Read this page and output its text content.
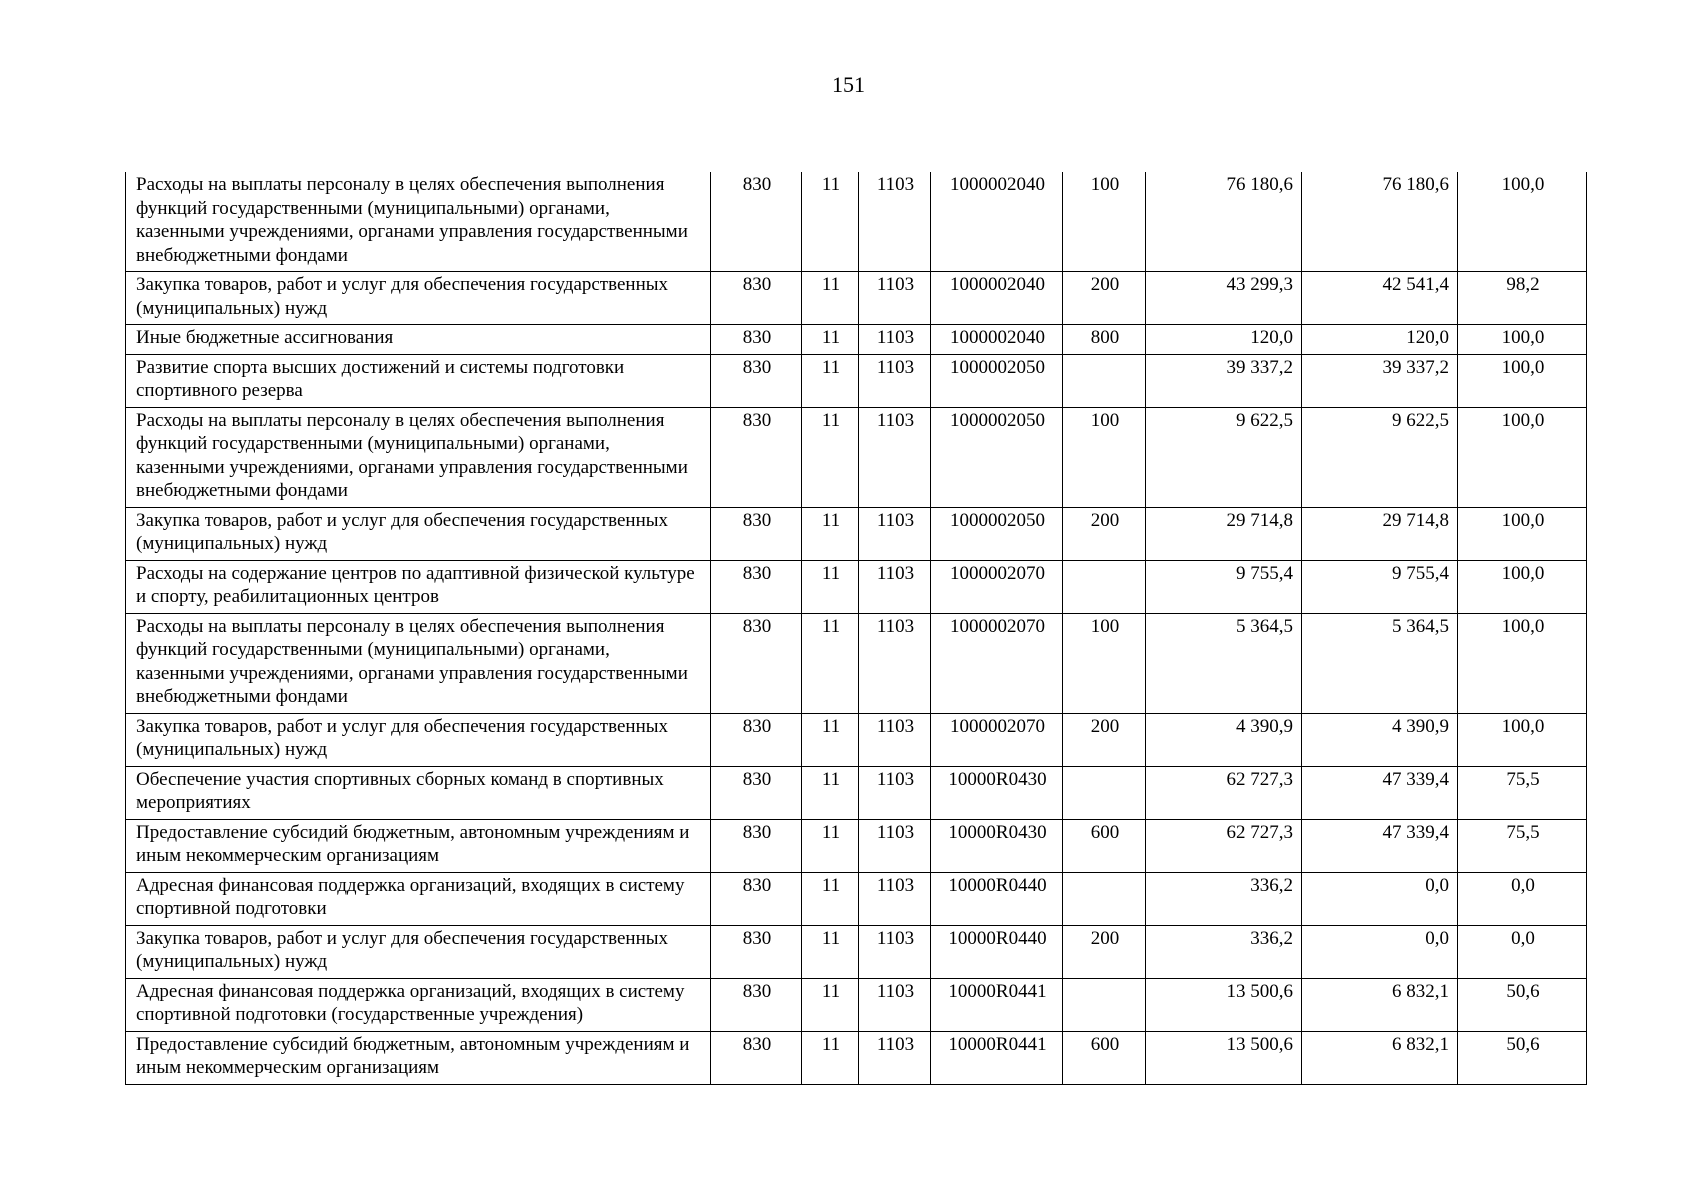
151
Расходы на выплаты персоналу в целях обеспечения выполнения функций государственными (муниципальными) органами, казенными учреждениями, органами управления государственными внебюджетными фондами	830	11	1103	1000002040	100	76 180,6	76 180,6	100,0
Закупка товаров, работ и услуг для обеспечения государственных (муниципальных) нужд	830	11	1103	1000002040	200	43 299,3	42 541,4	98,2
Иные бюджетные ассигнования	830	11	1103	1000002040	800	120,0	120,0	100,0
Развитие спорта высших достижений и системы подготовки спортивного резерва	830	11	1103	1000002050		39 337,2	39 337,2	100,0
Расходы на выплаты персоналу в целях обеспечения выполнения функций государственными (муниципальными) органами, казенными учреждениями, органами управления государственными внебюджетными фондами	830	11	1103	1000002050	100	9 622,5	9 622,5	100,0
Закупка товаров, работ и услуг для обеспечения государственных (муниципальных) нужд	830	11	1103	1000002050	200	29 714,8	29 714,8	100,0
Расходы на содержание центров по адаптивной физической культуре и спорту, реабилитационных центров	830	11	1103	1000002070		9 755,4	9 755,4	100,0
Расходы на выплаты персоналу в целях обеспечения выполнения функций государственными (муниципальными) органами, казенными учреждениями, органами управления государственными внебюджетными фондами	830	11	1103	1000002070	100	5 364,5	5 364,5	100,0
Закупка товаров, работ и услуг для обеспечения государственных (муниципальных) нужд	830	11	1103	1000002070	200	4 390,9	4 390,9	100,0
Обеспечение участия спортивных сборных команд в спортивных мероприятиях	830	11	1103	10000R0430		62 727,3	47 339,4	75,5
Предоставление субсидий бюджетным, автономным учреждениям и иным некоммерческим организациям	830	11	1103	10000R0430	600	62 727,3	47 339,4	75,5
Адресная финансовая поддержка организаций, входящих в систему спортивной подготовки	830	11	1103	10000R0440		336,2	0,0	0,0
Закупка товаров, работ и услуг для обеспечения государственных (муниципальных) нужд	830	11	1103	10000R0440	200	336,2	0,0	0,0
Адресная финансовая поддержка организаций, входящих в систему спортивной подготовки (государственные учреждения)	830	11	1103	10000R0441		13 500,6	6 832,1	50,6
Предоставление субсидий бюджетным, автономным учреждениям и иным некоммерческим организациям	830	11	1103	10000R0441	600	13 500,6	6 832,1	50,6
